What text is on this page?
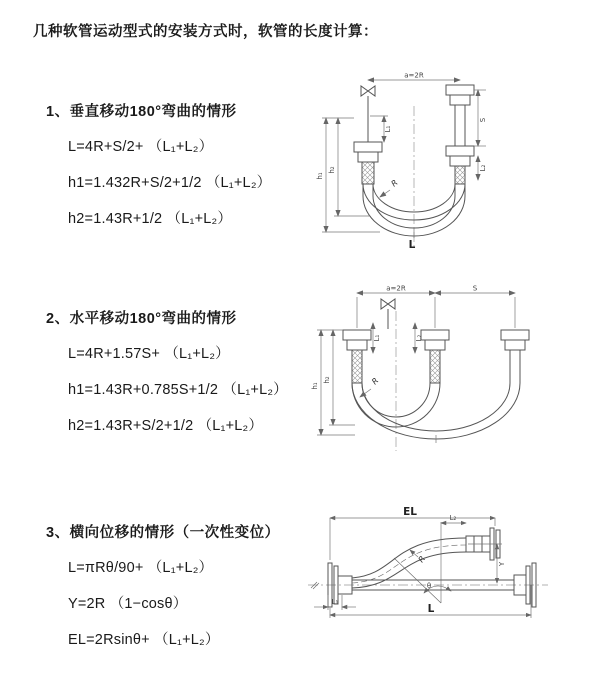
几种软管运动型式的安装方式时，软管的长度计算：
1、垂直移动180°弯曲的情形
L=4R+S/2+ （L₁+L₂）
h1=1.432R+S/2+1/2 （L₁+L₂）
h2=1.43R+1/2 （L₁+L₂）
2、水平移动180°弯曲的情形
L=4R+1.57S+ （L₁+L₂）
h1=1.43R+0.785S+1/2 （L₁+L₂）
h2=1.43R+S/2+1/2 （L₁+L₂）
3、横向位移的情形（一次性变位）
L=πRθ/90+ （L₁+L₂）
Y=2R （1−cosθ）
EL=2Rsinθ+ （L₁+L₂）
a=2R
S
L₂
L₁
h₁
h₂
R
L
a=2R	S
h₁
h₂
L₁	L₂
R
θ
EL	L₂
Y
L₁
L
R
